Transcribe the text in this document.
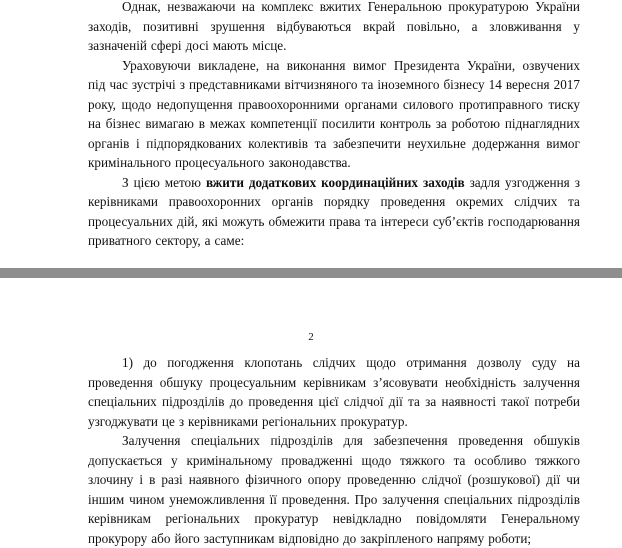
Однак, незважаючи на комплекс вжитих Генеральною прокуратурою України
заходів, позитивні зрушення відбуваються вкрай повільно, а зловживання у
зазначеній сфері досі мають місце.
Ураховуючи викладене, на виконання вимог Президента України, озвучених
під час зустрічі з представниками вітчизняного та іноземного бізнесу 14 вересня 2017
року, щодо недопущення правоохоронними органами силового протиправного тиску
на бізнес вимагаю в межах компетенції посилити контроль за роботою піднаглядних
органів і підпорядкованих колективів та забезпечити неухильне додержання вимог
кримінального процесуального законодавства.
З цією метою вжити додаткових координаційних заходів задля узгодження з
керівниками правоохоронних органів порядку проведення окремих слідчих та
процесуальних дій, які можуть обмежити права та інтереси суб’єктів господарювання
приватного сектору, а саме:
2
1) до погодження клопотань слідчих щодо отримання дозволу суду на
проведення обшуку процесуальним керівникам з’ясовувати необхідність залучення
спеціальних підрозділів до проведення цієї слідчої дії та за наявності такої потреби
узгоджувати це з керівниками регіональних прокуратур.
Залучення спеціальних підрозділів для забезпечення проведення обшуків
допускається у кримінальному провадженні щодо тяжкого та особливо тяжкого
злочину і в разі наявного фізичного опору проведенню слідчої (розшукової) дії чи
іншим чином унеможливлення її проведення. Про залучення спеціальних підрозділів
керівникам регіональних прокуратур невідкладно повідомляти Генеральному
прокурору або його заступникам відповідно до закріпленого напряму роботи;
